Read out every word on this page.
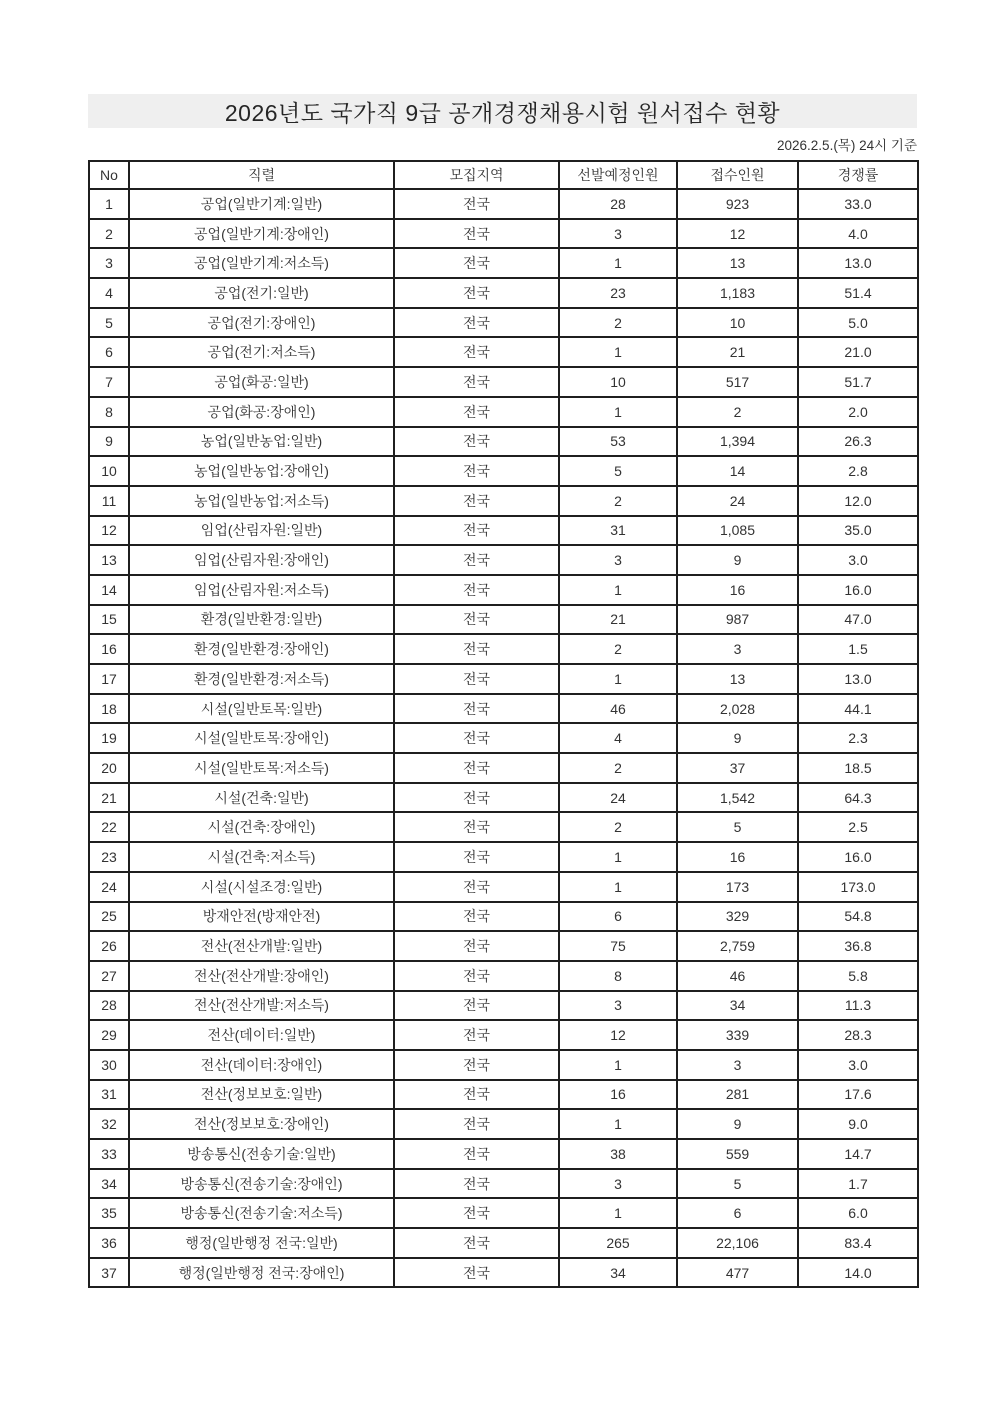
2026년도 국가직 9급 공개경쟁채용시험 원서접수 현황
2026.2.5.(목) 24시 기준
No	직렬	모집지역	선발예정인원	접수인원	경쟁률
1	공업(일반기계:일반)	전국	28	923	33.0
2	공업(일반기계:장애인)	전국	3	12	4.0
3	공업(일반기계:저소득)	전국	1	13	13.0
4	공업(전기:일반)	전국	23	1,183	51.4
5	공업(전기:장애인)	전국	2	10	5.0
6	공업(전기:저소득)	전국	1	21	21.0
7	공업(화공:일반)	전국	10	517	51.7
8	공업(화공:장애인)	전국	1	2	2.0
9	농업(일반농업:일반)	전국	53	1,394	26.3
10	농업(일반농업:장애인)	전국	5	14	2.8
11	농업(일반농업:저소득)	전국	2	24	12.0
12	임업(산림자원:일반)	전국	31	1,085	35.0
13	임업(산림자원:장애인)	전국	3	9	3.0
14	임업(산림자원:저소득)	전국	1	16	16.0
15	환경(일반환경:일반)	전국	21	987	47.0
16	환경(일반환경:장애인)	전국	2	3	1.5
17	환경(일반환경:저소득)	전국	1	13	13.0
18	시설(일반토목:일반)	전국	46	2,028	44.1
19	시설(일반토목:장애인)	전국	4	9	2.3
20	시설(일반토목:저소득)	전국	2	37	18.5
21	시설(건축:일반)	전국	24	1,542	64.3
22	시설(건축:장애인)	전국	2	5	2.5
23	시설(건축:저소득)	전국	1	16	16.0
24	시설(시설조경:일반)	전국	1	173	173.0
25	방재안전(방재안전)	전국	6	329	54.8
26	전산(전산개발:일반)	전국	75	2,759	36.8
27	전산(전산개발:장애인)	전국	8	46	5.8
28	전산(전산개발:저소득)	전국	3	34	11.3
29	전산(데이터:일반)	전국	12	339	28.3
30	전산(데이터:장애인)	전국	1	3	3.0
31	전산(정보보호:일반)	전국	16	281	17.6
32	전산(정보보호:장애인)	전국	1	9	9.0
33	방송통신(전송기술:일반)	전국	38	559	14.7
34	방송통신(전송기술:장애인)	전국	3	5	1.7
35	방송통신(전송기술:저소득)	전국	1	6	6.0
36	행정(일반행정 전국:일반)	전국	265	22,106	83.4
37	행정(일반행정 전국:장애인)	전국	34	477	14.0
